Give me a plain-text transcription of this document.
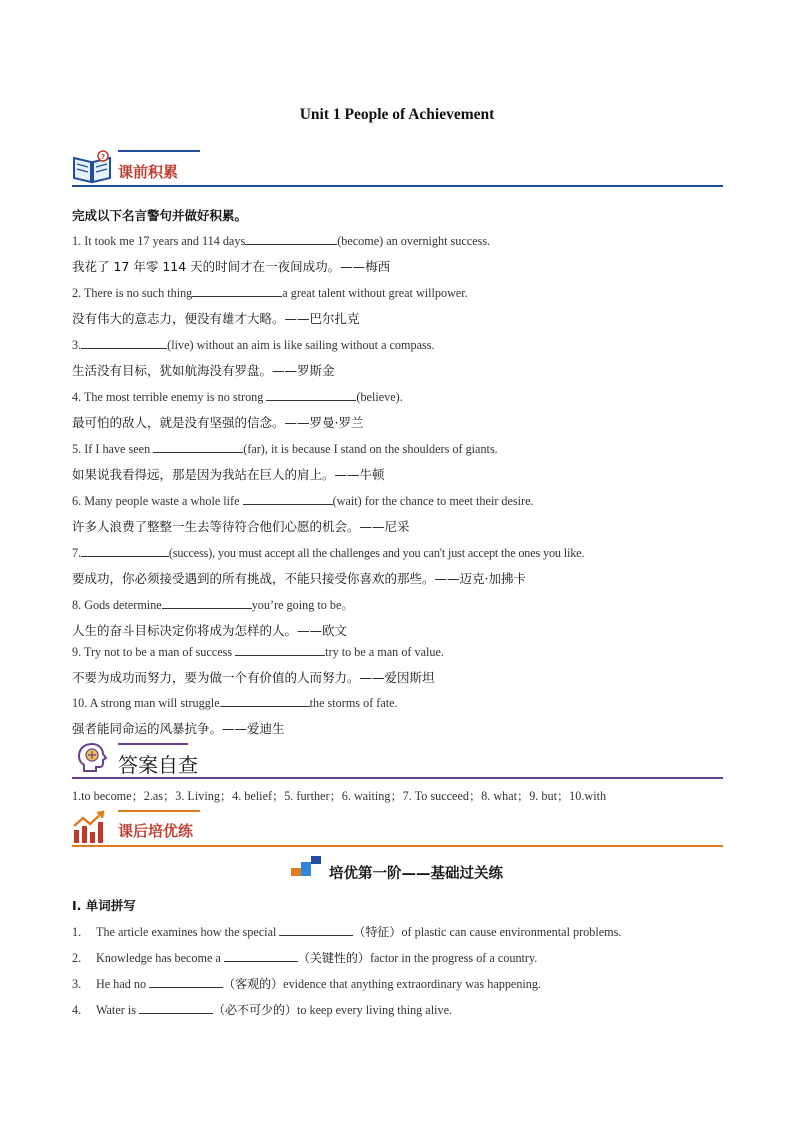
Unit 1 People of Achievement
?
课前积累
完成以下名言警句并做好积累。
1. It took me 17 years and 114 days	(become) an overnight success.
我花了 17 年零 114 天的时间才在一夜间成功。——梅西
2. There is no such thing	a great talent without great willpower.
没有伟大的意志力，便没有雄才大略。——巴尔扎克
3.	(live) without an aim is like sailing without a compass.
生活没有目标，犹如航海没有罗盘。——罗斯金
4. The most terrible enemy is no strong	(believe).
最可怕的敌人，就是没有坚强的信念。——罗曼·罗兰
5. If I have seen	(far), it is because I stand on the shoulders of giants.
如果说我看得远，那是因为我站在巨人的肩上。——牛顿
6. Many people waste a whole life	(wait) for the chance to meet their desire.
许多人浪费了整整一生去等待符合他们心愿的机会。——尼采
7.	(success), you must accept all the challenges and you can't just accept the ones you like.
要成功，你必须接受遇到的所有挑战，不能只接受你喜欢的那些。——迈克·加拂卡
8. Gods determine	you’re going to be。
人生的奋斗目标决定你将成为怎样的人。——欧文
9. Try not to be a man of success	try to be a man of value.
不要为成功而努力，要为做一个有价值的人而努力。——爱因斯坦
10. A strong man will struggle	the storms of fate.
强者能同命运的风暴抗争。——爱迪生
答案自查
1.to become；2.as；3. Living；4. belief；5. further；6. waiting；7. To succeed；8. what；9. but；10.with
课后培优练
培优第一阶——基础过关练
I. 单词拼写
1. The article examines how the special	（特征）of plastic can cause environmental problems.
2. Knowledge has become a	（关键性的）factor in the progress of a country.
3. He had no	（客观的）evidence that anything extraordinary was happening.
4. Water is	（必不可少的）to keep every living thing alive.
